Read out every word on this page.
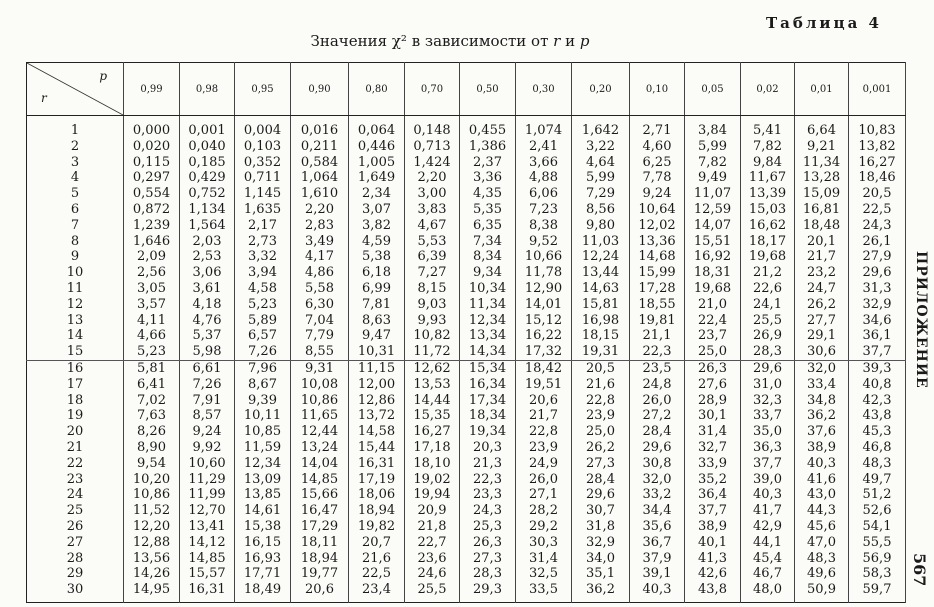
Таблица 4
Значения χ² в зависимости от r и p
ПРИЛОЖЕНИЕ
567
p
r	0,99	0,98	0,95	0,90	0,80	0,70	0,50	0,30	0,20	0,10	0,05	0,02	0,01	0,001
1	0,000	0,001	0,004	0,016	0,064	0,148	0,455	1,074	1,642	2,71	3,84	5,41	6,64	10,83
2	0,020	0,040	0,103	0,211	0,446	0,713	1,386	2,41	3,22	4,60	5,99	7,82	9,21	13,82
3	0,115	0,185	0,352	0,584	1,005	1,424	2,37	3,66	4,64	6,25	7,82	9,84	11,34	16,27
4	0,297	0,429	0,711	1,064	1,649	2,20	3,36	4,88	5,99	7,78	9,49	11,67	13,28	18,46
5	0,554	0,752	1,145	1,610	2,34	3,00	4,35	6,06	7,29	9,24	11,07	13,39	15,09	20,5
6	0,872	1,134	1,635	2,20	3,07	3,83	5,35	7,23	8,56	10,64	12,59	15,03	16,81	22,5
7	1,239	1,564	2,17	2,83	3,82	4,67	6,35	8,38	9,80	12,02	14,07	16,62	18,48	24,3
8	1,646	2,03	2,73	3,49	4,59	5,53	7,34	9,52	11,03	13,36	15,51	18,17	20,1	26,1
9	2,09	2,53	3,32	4,17	5,38	6,39	8,34	10,66	12,24	14,68	16,92	19,68	21,7	27,9
10	2,56	3,06	3,94	4,86	6,18	7,27	9,34	11,78	13,44	15,99	18,31	21,2	23,2	29,6
11	3,05	3,61	4,58	5,58	6,99	8,15	10,34	12,90	14,63	17,28	19,68	22,6	24,7	31,3
12	3,57	4,18	5,23	6,30	7,81	9,03	11,34	14,01	15,81	18,55	21,0	24,1	26,2	32,9
13	4,11	4,76	5,89	7,04	8,63	9,93	12,34	15,12	16,98	19,81	22,4	25,5	27,7	34,6
14	4,66	5,37	6,57	7,79	9,47	10,82	13,34	16,22	18,15	21,1	23,7	26,9	29,1	36,1
15	5,23	5,98	7,26	8,55	10,31	11,72	14,34	17,32	19,31	22,3	25,0	28,3	30,6	37,7
16	5,81	6,61	7,96	9,31	11,15	12,62	15,34	18,42	20,5	23,5	26,3	29,6	32,0	39,3
17	6,41	7,26	8,67	10,08	12,00	13,53	16,34	19,51	21,6	24,8	27,6	31,0	33,4	40,8
18	7,02	7,91	9,39	10,86	12,86	14,44	17,34	20,6	22,8	26,0	28,9	32,3	34,8	42,3
19	7,63	8,57	10,11	11,65	13,72	15,35	18,34	21,7	23,9	27,2	30,1	33,7	36,2	43,8
20	8,26	9,24	10,85	12,44	14,58	16,27	19,34	22,8	25,0	28,4	31,4	35,0	37,6	45,3
21	8,90	9,92	11,59	13,24	15,44	17,18	20,3	23,9	26,2	29,6	32,7	36,3	38,9	46,8
22	9,54	10,60	12,34	14,04	16,31	18,10	21,3	24,9	27,3	30,8	33,9	37,7	40,3	48,3
23	10,20	11,29	13,09	14,85	17,19	19,02	22,3	26,0	28,4	32,0	35,2	39,0	41,6	49,7
24	10,86	11,99	13,85	15,66	18,06	19,94	23,3	27,1	29,6	33,2	36,4	40,3	43,0	51,2
25	11,52	12,70	14,61	16,47	18,94	20,9	24,3	28,2	30,7	34,4	37,7	41,7	44,3	52,6
26	12,20	13,41	15,38	17,29	19,82	21,8	25,3	29,2	31,8	35,6	38,9	42,9	45,6	54,1
27	12,88	14,12	16,15	18,11	20,7	22,7	26,3	30,3	32,9	36,7	40,1	44,1	47,0	55,5
28	13,56	14,85	16,93	18,94	21,6	23,6	27,3	31,4	34,0	37,9	41,3	45,4	48,3	56,9
29	14,26	15,57	17,71	19,77	22,5	24,6	28,3	32,5	35,1	39,1	42,6	46,7	49,6	58,3
30	14,95	16,31	18,49	20,6	23,4	25,5	29,3	33,5	36,2	40,3	43,8	48,0	50,9	59,7
